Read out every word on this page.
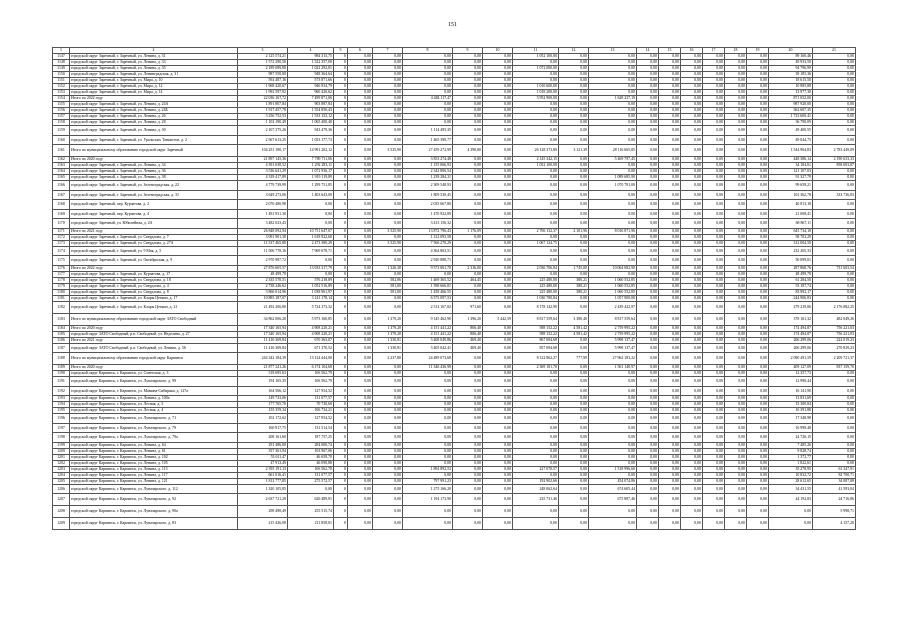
151
1	2	3	4	5	6	7	8	9	10	11	12	13	14	15	16	17	18	19	20	21
1147	городской округ Заречный, г. Заречный, ул. Ленина, д. 31	2 125 574,21	984 313,75	0	0,00	0,00	0,00	0,00	0,00	1 052 100,00	0,00	0,00	0,00	0,00	0,00	0,00	0,00	0,00	89 160,46	0,00
1148	городской округ Заречный, г. Заречный, ул. Ленина, д. 33	1 572 290,50	1 522 357,00	0	0,00	0,00	0,00	0,00	0,00	0,00	0,00	0,00	0,00	0,00	0,00	0,00	0,00	0,00	49 933,50	0,00
1149	городской округ Заречный, г. Заречный, ул. Ленина, д. 35	2 189 089,80	1 022 292,81	0	0,00	0,00	0,00	0,00	0,00	1 072 000,00	0,00	0,00	0,00	0,00	0,00	0,00	0,00	0,00	94 796,99	0,00
1150	городской округ Заречный, г. Заречный, ул. Ленинградская, д. 31	987 550,00	948 364,64	0	0,00	0,00	0,00	0,00	0,00	0,00	0,00	0,00	0,00	0,00	0,00	0,00	0,00	0,00	39 185,36	0,00
1151	городской округ Заречный, г. Заречный, ул. Мира, д. 10	592 487,16	573 871,66	0	0,00	0,00	0,00	0,00	0,00	0,00	0,00	0,00	0,00	0,00	0,00	0,00	0,00	0,00	18 615,50	0,00
1152	городской округ Заречный, г. Заречный, ул. Мира, д. 12	1 968 420,67	946 934,79	0	0,00	0,00	0,00	0,00	0,00	1 010 600,00	0,00	0,00	0,00	0,00	0,00	0,00	0,00	0,00	10 885,88	0,00
1153	городской округ Заречный, г. Заречный, ул. Мира, д. 14	1 992 597,92	960 420,62	0	0,00	0,00	0,00	0,00	0,00	1 018 200,00	0,00	0,00	0,00	0,00	0,00	0,00	0,00	0,00	13 977,30	0,00
1154	Итого по 2022 году	22 036 167,72	7 499 871,06	0	0,00	0,00	4 484 117,47	0,00	0,00	5 952 900,00	0,00	1 628 227,19	0,00	0,00	0,00	0,00	0,00	0,00	871 052,00	0,00
1155	городской округ Заречный, г. Заречный, ул. Ленина, д. 24А	1 891 807,84	903 887,84	0	0,00	0,00	0,00	0,00	0,00	0,00	0,00	0,00	0,00	0,00	0,00	0,00	0,00	0,00	987 920,00	0,00
1156	городской округ Заречный, г. Заречный, ул. Ленина, д. 24Б	1 917 457,78	1 554 850,43	0	0,00	0,00	0,00	0,00	0,00	0,00	0,00	0,00	0,00	0,00	0,00	0,00	0,00	0,00	362 607,35	0,00
1157	городской округ Заречный, г. Заречный, ул. Ленина, д. 26	3 256 752,53	1 533 152,12	0	0,00	0,00	0,00	0,00	0,00	0,00	0,00	0,00	0,00	0,00	0,00	0,00	0,00	0,00	1 723 600,41	0,00
1158	городской округ Заречный, г. Заречный, ул. Ленина, д. 28	1 102 190,49	1 065 400,40	0	0,00	0,00	0,00	0,00	0,00	0,00	0,00	0,00	0,00	0,00	0,00	0,00	0,00	0,00	36 790,09	0,00
1159	городской округ Заречный, г. Заречный, ул. Ленина, д. 30	2 107 375,26	943 479,36	0	0,00	0,00	1 114 495,35	0,00	0,00	0,00	0,00	0,00	0,00	0,00	0,00	0,00	0,00	0,00	49 400,55	0,00
1160	городской округ Заречный, г. Заречный, ул. Уральских Танкистов, д. 2	2 567 613,25	1 053 177,73	0	0,00	0,00	1 465 390,77	0,00	0,00	0,00	0,00	0,00	0,00	0,00	0,00	0,00	0,00	0,00	49 044,75	0,00
1161	Итого по муниципальному образованию городской округ Заречный	104 251 180,17	14 991 202,12	0	0,00	3 525,90	27 459 272,99	4 398,80	0,00	26 128 373,80	3 121,39	28 116 665,85	0,00	0,00	0,00	0,00	0,00	0,00	1 544 964,83	2 783 449,09
1162	Итого по 2020 году	21 897 145,36	7 789 711,06	0	0,00	0,00	3 853 274,48	0,00	0,00	2 145 342,15	0,00	5 469 797,45	0,00	0,00	0,00	0,00	0,00	0,00	448 386,14	2 190 633,33
1163	городской округ Заречный, г. Заречный, ул. Ленина, д. 34	4 391 638,52	1 292 283,11	0	0,00	0,00	1 155 066,93	0,00	0,00	1 052 100,00	0,00	0,00	0,00	0,00	0,00	0,00	0,00	0,00	34 184,61	858 003,87
1164	городской округ Заречный, г. Заречный, ул. Ленина, д. 36	3 536 641,29	1 072 936,17	0	0,00	0,00	2 342 806,54	0,00	0,00	0,00	0,00	0,00	0,00	0,00	0,00	0,00	0,00	0,00	121 107,03	0,00
1165	городской округ Заречный, г. Заречный, ул. Ленина, д. 38	4 339 417,89	1 919 119,89	0	0,00	0,00	1 239 284,31	0,00	0,00	0,00	0,00	1 089 685,90	0,00	0,00	0,00	0,00	0,00	0,00	91 327,79	0,00
1166	городской округ Заречный, г. Заречный, ул. Зеленоградская, д. 22	4 779 739,99	1 299 751,85	0	0,00	0,00	2 309 548,93	0,00	0,00	0,00	0,00	1 070 781,00	0,00	0,00	0,00	0,00	0,00	0,00	99 658,21	0,00
1167	городской округ Заречный, г. Заречный, ул. Зеленоградская, д. 31	3 649 273,06	1 403 643,00	0	0,00	0,00	1 809 530,45	0,00	0,00	0,00	0,00	0,00	0,00	0,00	0,00	0,00	0,00	0,00	102 362,78	333 736,83
1168	городской округ Заречный, пер. Курчатова, д. 2	2 076 480,98	0,00	0	0,00	0,00	2 035 667,80	0,00	0,00	0,00	0,00	0,00	0,00	0,00	0,00	0,00	0,00	0,00	40 813,18	0,00
1169	городской округ Заречный, пер. Курчатова, д. 4	1 491 931,30	0,00	0	0,00	0,00	1 470 922,89	0,00	0,00	0,00	0,00	0,00	0,00	0,00	0,00	0,00	0,00	0,00	21 008,41	0,00
1170	городской округ Заречный, ул. Юбилейная, д. 2А	3 482 023,43	0,00	0	0,00	0,00	3 413 156,32	0,00	0,00	0,00	0,00	0,00	0,00	0,00	0,00	0,00	0,00	0,00	68 867,11	0,00
1171	Итого по 2021 году	26 848 092,94	10 751 647,07	0	0,00	3 525,90	13 872 796,43	1 176,09	0,00	2 706 132,37	2 101,96	8 016 871,96	0,00	0,00	0,00	0,00	0,00	0,00	645 734,18	0,00
1172	городской округ Заречный, г. Заречный, ул. Свердлова, д. 7	3 091 901,38	1 618 922,60	0	0,00	0,00	1 312 093,58	0,00	0,00	0,00	0,00	0,00	0,00	0,00	0,00	0,00	0,00	0,00	58 703,29	0,00
1173	городской округ Заречный, г. Заречный, ул. Свердлова, д. 27А	11 537 465,88	2 473 380,29	0	0,00	3 525,90	7 566 270,29	0,00	0,00	1 067 124,75	0,00	0,00	0,00	0,00	0,00	0,00	0,00	0,00	312 004,50	0,00
1174	городской округ Заречный, г. Заречный, ул. 9 Мая, д. 5	11 506 778,16	7 969 678,71	0	0,00	0,00	4 364 863,51	0,00	0,00	0,00	0,00	0,00	0,00	0,00	0,00	0,00	0,00	0,00	232 205,33	0,00
1175	городской округ Заречный, г. Заречный, ул. Октябрьская, д. 9	2 970 987,72	0,00	0	0,00	0,00	2 920 888,71	0,00	0,00	0,00	0,00	0,00	0,00	0,00	0,00	0,00	0,00	0,00	50 099,01	0,00
1176	Итого по 2022 году	27 876 605,57	13 033 317,79	0	0,00	1 326,38	9 573 061,70	2 316,00	0,00	2 036 706,84	1 745,00	10 064 082,90	0,00	0,00	0,00	0,00	0,00	0,00	287 868,76	731 603,54
1177	городской округ Заречный, г. Заречный, ул. Курчатова, д. 17	48 499,78	0,00	0	0,00	0,00	0,00	0,00	0,00	0,00	0,00	0,00	0,00	0,00	0,00	0,00	0,00	0,00	48 499,78	0,00
1178	городской округ Заречный, г. Заречный, ул. Свердлова, д. 18	2 335 578,51	576 218,89	0	0,00	582,86	1 469 365,52	464,45	0,00	225 480,00	380,21	1 060 552,85	0,00	0,00	0,00	0,00	0,00	0,00	61 284,50	0,00
1179	городской округ Заречный, г. Заречный, ул. Свердлова, д. 4	2 738 246,62	1 052 516,89	0	0,00	581,00	1 398 666,81	0,00	0,00	225 480,00	380,21	1 060 552,85	0,00	0,00	0,00	0,00	0,00	0,00	53 187,74	0,00
1180	городской округ Заречный, г. Заречный, ул. Свердлова, д. 8	3 866 014,96	1 038 961,97	0	0,00	581,00	1 458 466,55	0,00	0,00	225 480,00	380,21	1 060 552,85	0,00	0,00	0,00	0,00	0,00	0,00	83 992,17	0,00
1181	городской округ Заречный, г. Заречный, ул. Клары Цеткин, д. 17	10 885 187,07	3 141 178,14	0	0,00	0,00	6 575 097,53	0,00	0,00	1 030 780,84	0,00	1 057 900,00	0,00	0,00	0,00	0,00	0,00	0,00	244 906,83	0,00
1182	городской округ Заречный, г. Заречный, ул. Клары Цеткин, д. 21	21 492 206,80	5 724 373,32	0	0,00	0,00	2 512 167,82	971,60	0,00	8 178 142,90	0,00	2 439 422,97	0,00	0,00	0,00	0,00	0,00	0,00	279 219,06	2 176 082,25
1183	Итого по муниципальному образованию городской округ ЗАТО Свободный	34 862 006,20	5 973 160,85	0	0,00	1 379,20	9 145 462,90	1 396,20	5 442,59	8 817 559,64	3 380,40	8 817 559,64	0,00	0,00	0,00	0,00	0,00	0,00	378 161,32	482 049,26
1184	Итого по 2020 году	17 340 165,94	4 908 220,21	0	0,00	1 379,20	4 151 441,22	806,40	0,00	588 152,22	4 581,42	2 759 995,22	0,00	0,00	0,00	0,00	0,00	0,00	174 494,87	756 221,03
1185	городской округ ЗАТО Свободный, р.п. Свободный, ул. Неделина, д. 27	17 340 165,94	4 908 220,21	0	0,00	1 379,20	4 151 441,22	806,40	0,00	588 152,22	4 581,42	2 759 995,22	0,00	0,00	0,00	0,00	0,00	0,00	174 494,87	756 221,03
1186	Итого по 2021 году	11 416 369,84	670 363,07	0	0,00	1 330,81	3 408 049,86	469,40	0,00	867 694,68	0,00	5 998 137,47	0,00	0,00	0,00	0,00	0,00	0,00	206 299,06	224 019,23
1187	городской округ ЗАТО Свободный, р.п. Свободный, ул. Ленина, д. 56	11 416 369,84	671 370,52	0	0,00	1 330,81	3 405 042,41	469,40	0,00	857 694,68	0,00	5 998 137,47	0,00	0,00	0,00	0,00	0,00	0,00	206 299,06	270 829,23
1188	Итого по муниципальному образованию городской округ Карпинск	244 342 184,39	13 124 444,00	0	0,00	2 237,80	24 489 073,68	0,00	0,00	8 122 862,27	777,99	27 962 183,22	0,00	0,00	0,00	0,00	0,00	0,00	2 090 491,59	2 209 721,37
1189	Итого по 2020 году	21 877 241,26	6 174 104,68	0	0,00	0,00	11 346 436,98	0,00	0,00	2 369 181,70	0,00	1 561 140,97	0,00	0,00	0,00	0,00	0,00	0,00	409 127,09	837 159,70
1190	городской округ Карпинск, г. Карпинск, ул. Советская, д. 3	518 695,63	106 562,79	0	0,00	0,00	0,00	0,00	0,00	0,00	0,00	0,00	0,00	0,00	0,00	0,00	0,00	0,00	12 357,73	0,00
1191	городской округ Карпинск, г. Карпинск, ул. Луначарского, д. 99	194 165,35	106 562,79	0	0,00	0,00	0,00	0,00	0,00	0,00	0,00	0,00	0,00	0,00	0,00	0,00	0,00	0,00	12 990,44	0,00
1192	городской округ Карпинск, г. Карпинск, ул. Мамина-Сибиряка, д. 127а	164 566,12	127 954,52	0	0,00	0,00	0,00	0,00	0,00	0,00	0,00	0,00	0,00	0,00	0,00	0,00	0,00	0,00	16 141,90	0,00
1193	городской округ Карпинск, г. Карпинск, ул. Ленина, д. 100а	149 733,06	131 077,57	0	0,00	0,00	0,00	0,00	0,00	0,00	0,00	0,00	0,00	0,00	0,00	0,00	0,00	0,00	13 831,69	0,00
1194	городской округ Карпинск, г. Карпинск, ул. Лесная, д. 3	177 765,70	70 730,60	0	0,00	0,00	0,00	0,00	0,00	0,00	0,00	0,00	0,00	0,00	0,00	0,00	0,00	0,00	15 300,84	0,00
1195	городской округ Карпинск, г. Карпинск, ул. Лесная, д. 4	155 359,34	106 734,21	0	0,00	0,00	0,00	0,00	0,00	0,00	0,00	0,00	0,00	0,00	0,00	0,00	0,00	0,00	10 391,88	0,00
1196	городской округ Карпинск, г. Карпинск, ул. Луначарского, д. 71	102 172,62	127 954,52	0	0,00	0,00	0,00	0,00	0,00	0,00	0,00	0,00	0,00	0,00	0,00	0,00	0,00	0,00	17 348,98	0,00
1197	городской округ Карпинск, г. Карпинск, ул. Луначарского, д. 79	160 817,75	131 514,54	0	0,00	0,00	0,00	0,00	0,00	0,00	0,00	0,00	0,00	0,00	0,00	0,00	0,00	0,00	16 998,48	0,00
1198	городской округ Карпинск, г. Карпинск, ул. Луначарского, д. 79а	208 161,60	187 757,25	0	0,00	0,00	0,00	0,00	0,00	0,00	0,00	0,00	0,00	0,00	0,00	0,00	0,00	0,00	24 726,15	0,00
1199	городской округ Карпинск, г. Карпинск, ул. Ленина, д. 64	291 486,00	284 000,74	0	0,00	0,00	0,00	0,00	0,00	0,00	0,00	0,00	0,00	0,00	0,00	0,00	0,00	0,00	7 485,26	0,00
1200	городской округ Карпинск, г. Карпинск, ул. Ленина, д. 61	357 361,94	103 967,06	0	0,00	0,00	0,00	0,00	0,00	0,00	0,00	0,00	0,00	0,00	0,00	0,00	0,00	0,00	9 828,74	0,00
1201	городской округ Карпинск, г. Карпинск, ул. Ленина, д. 102	53 611,47	46 658,70	0	0,00	0,00	0,00	0,00	0,00	0,00	0,00	0,00	0,00	0,00	0,00	0,00	0,00	0,00	1 372,77	0,00
1202	городской округ Карпинск, г. Карпинск, ул. Ленина, д. 105	47 913,49	46 090,88	0	0,00	0,00	0,00	0,00	0,00	0,00	0,00	0,00	0,00	0,00	0,00	0,00	0,00	0,00	1 822,61	0,00
1203	городской округ Карпинск, г. Карпинск, ул. Ленина, д. 115	2 395 191,13	106 562,78	0	0,00	0,00	1 894 892,53	0,00	0,00	227 070,57	0,00	1 518 996,60	0,00	0,00	0,00	0,00	0,00	0,00	35 278,95	61 347,91
1204	городской округ Карпинск, г. Карпинск, ул. Ленина, д. 117	661 016,41	131 077,57	0	0,00	0,00	0,00	0,00	0,00	0,00	0,00	0,00	0,00	0,00	0,00	0,00	0,00	0,00	10 832,72	82 700,71
1205	городской округ Карпинск, г. Карпинск, ул. Ленина, д. 121	1 812 777,85	275 572,57	0	0,00	0,00	797 991,23	0,00	0,00	192 902,66	0,00	454 074,86	0,00	0,00	0,00	0,00	0,00	0,00	28 612,65	34 087,08
1206	городской округ Карпинск, г. Карпинск, ул. Луначарского, д. 112	1 320 105,85	0,00	0	0,00	0,00	1 275 166,20	0,00	0,00	248 062,64	0,00	674 605,44	0,00	0,00	0,00	0,00	0,00	0,00	34 431,55	41 593,04
1207	городской округ Карпинск, г. Карпинск, ул. Луначарского, д. 92	2 637 721,29	626 489,91	0	0,00	0,00	1 194 173,90	0,00	0,00	235 731,46	0,00	675 887,46	0,00	0,00	0,00	0,00	0,00	0,00	44 192,83	24 716,86
1208	городской округ Карпинск, г. Карпинск, ул. Луначарского, д. 90а	298 498,49	255 515,74	0	0,00	0,00	0,00	0,00	0,00	0,00	0,00	0,00	0,00	0,00	0,00	0,00	0,00	0,00	0,00	5 998,71
1209	городской округ Карпинск, г. Карпинск, ул. Луначарского, д. 83	215 426,08	211 858,01	0	0,00	0,00	0,00	0,00	0,00	0,00	0,00	0,00	0,00	0,00	0,00	0,00	0,00	0,00	0,00	4 157,20
